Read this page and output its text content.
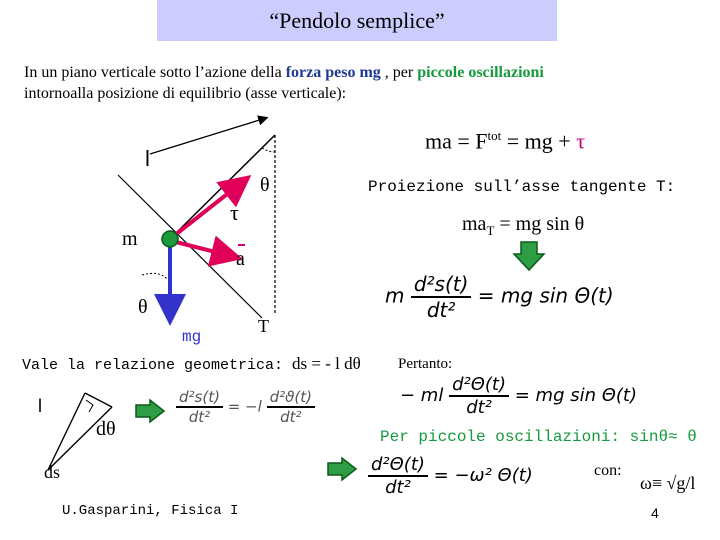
“Pendolo semplice”
In un piano verticale sotto l’azione della forza peso mg , per piccole oscillazioni
intornoalla posizione di equilibrio (asse verticale):
l
θ
τ
m
a
θ
mg
T
ma = $F^{tot}$ = mg + τ
Proiezione sull’asse tangente T:
$ma_T$ = mg sin θ
m $\frac{\text{d²s(t)}}{\text{dt²}}$ = mg sin Θ(t)
Vale la relazione geometrica: ds = - l dθ
l
dθ
ds
$\frac{\text{d²s(t)}}{\text{dt²}} = -l \frac{\text{d²ϑ(t)}}{\text{dt²}}$
Pertanto:
− ml $\frac{\text{d²Θ(t)}}{\text{dt²}}$ = mg sin Θ(t)
Per piccole oscillazioni: sinθ≈ θ
$\frac{\text{d²Θ(t)}}{\text{dt²}} = -\omega^2$ Θ(t)	con:
ω≡ √g/l
U.Gasparini, Fisica I	4
